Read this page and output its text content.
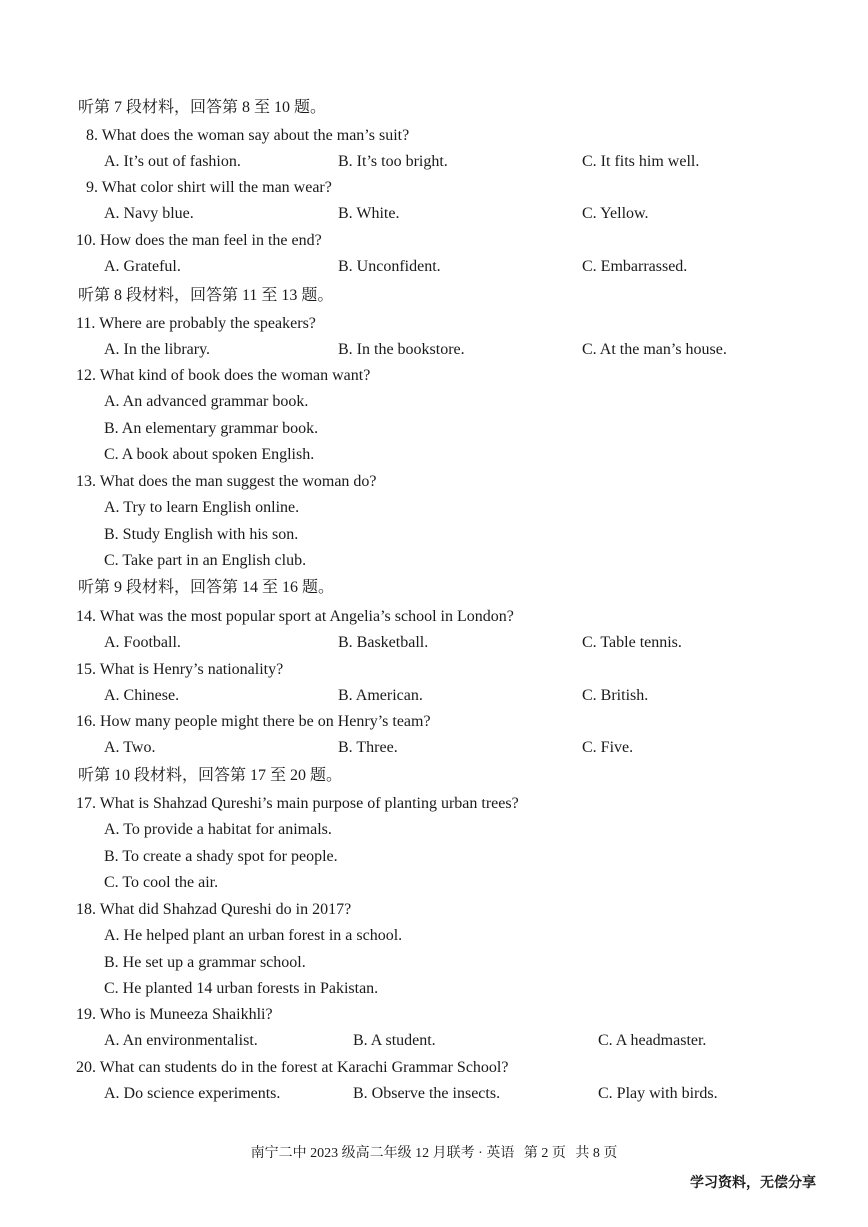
听第 7 段材料，回答第 8 至 10 题。
听第 8 段材料，回答第 11 至 13 题。
听第 9 段材料，回答第 14 至 16 题。
听第 10 段材料，回答第 17 至 20 题。
8. What does the woman say about the man’s suit?
A. It’s out of fashion.	B. It’s too bright.	C. It fits him well.
9. What color shirt will the man wear?
A. Navy blue.	B. White.	C. Yellow.
10. How does the man feel in the end?
A. Grateful.	B. Unconfident.	C. Embarrassed.
11. Where are probably the speakers?
A. In the library.	B. In the bookstore.	C. At the man’s house.
12. What kind of book does the woman want?
A. An advanced grammar book.
B. An elementary grammar book.
C. A book about spoken English.
13. What does the man suggest the woman do?
A. Try to learn English online.
B. Study English with his son.
C. Take part in an English club.
14. What was the most popular sport at Angelia’s school in London?
A. Football.	B. Basketball.	C. Table tennis.
15. What is Henry’s nationality?
A. Chinese.	B. American.	C. British.
16. How many people might there be on Henry’s team?
A. Two.	B. Three.	C. Five.
17. What is Shahzad Qureshi’s main purpose of planting urban trees?
A. To provide a habitat for animals.
B. To create a shady spot for people.
C. To cool the air.
18. What did Shahzad Qureshi do in 2017?
A. He helped plant an urban forest in a school.
B. He set up a grammar school.
C. He planted 14 urban forests in Pakistan.
19. Who is Muneeza Shaikhli?
A. An environmentalist.	B. A student.	C. A headmaster.
20. What can students do in the forest at Karachi Grammar School?
A. Do science experiments.	B. Observe the insects.	C. Play with birds.
南宁二中 2023 级高二年级 12 月联考 · 英语 第 2 页 共 8 页
学习资料，无偿分享
